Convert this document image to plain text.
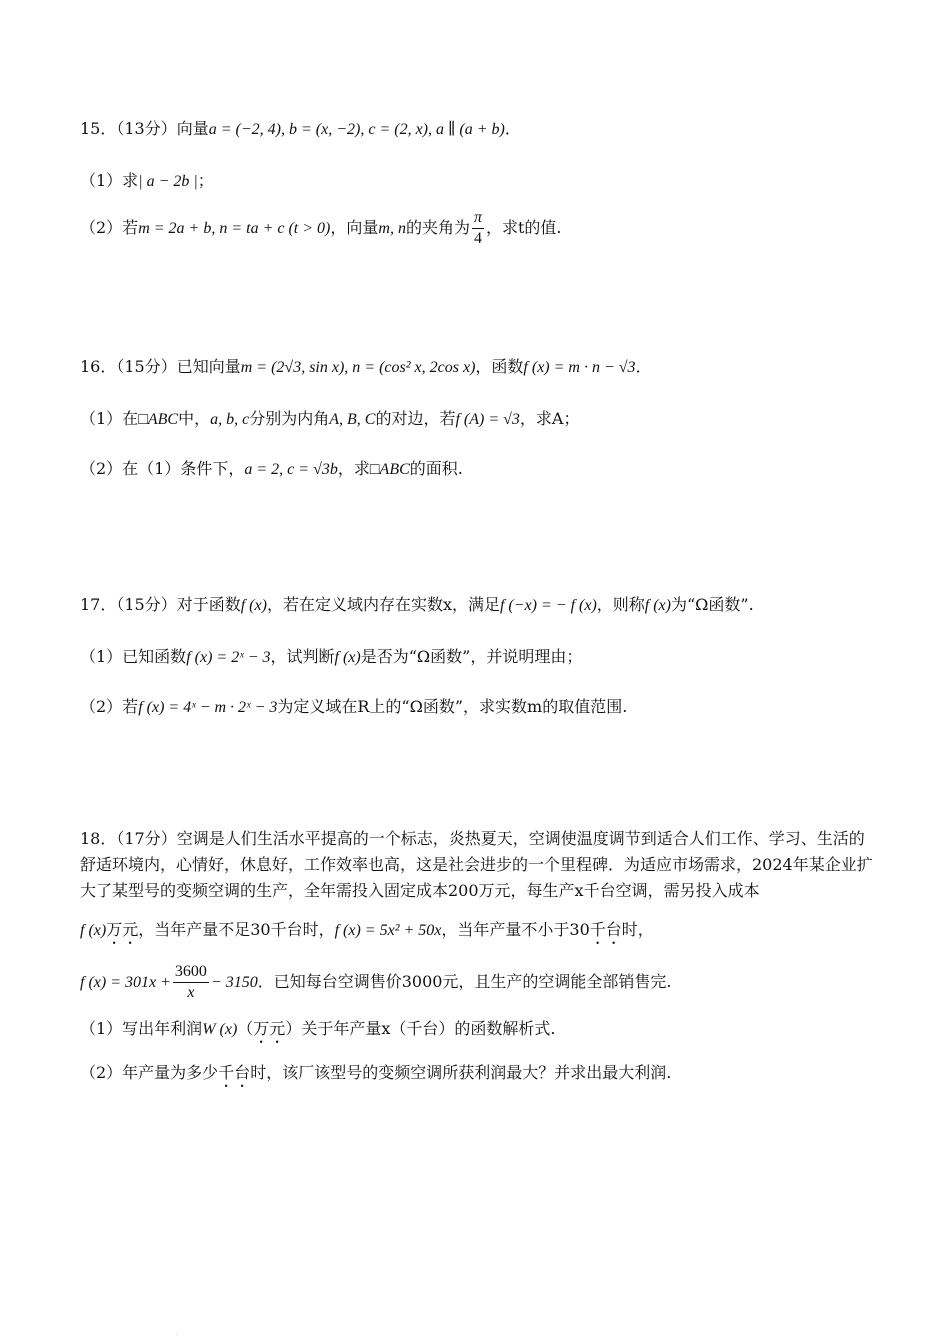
15．（13分）向量a = (−2, 4), b = (x, −2), c = (2, x), a ∥ (a + b)．
（1）求| a − 2b |；
（2）若m = 2a + b, n = ta + c (t > 0)，向量m, n的夹角为 $\frac{\pi}{4}$ ，求t的值.
16．（15分）已知向量m = (2√3, sin x), n = (cos² x, 2cos x)，函数f (x) = m · n − √3．
（1）在□ABC中，a, b, c分别为内角A, B, C的对边，若f (A) = √3，求A；
（2）在（1）条件下，a = 2, c = √3b，求□ABC的面积.
17．（15分）对于函数f (x)，若在定义域内存在实数x，满足f (−x) = − f (x)，则称f (x)为“Ω函数”.
（1）已知函数f (x) = 2ˣ − 3，试判断f (x)是否为“Ω函数”，并说明理由；
（2）若f (x) = 4ˣ − m · 2ˣ − 3为定义域在R上的“Ω函数”，求实数m的取值范围.
18．（17分）空调是人们生活水平提高的一个标志，炎热夏天，空调使温度调节到适合人们工作、学习、生活的舒适环境内，心情好，休息好，工作效率也高，这是社会进步的一个里程碑．为适应市场需求，2024年某企业扩大了某型号的变频空调的生产，全年需投入固定成本200万元，每生产x千台空调，需另投入成本
f (x)万元，当年产量不足30千台时，f (x) = 5x² + 50x，当年产量不小于30千台时，
f $(x) = 301x + \frac{3600}{x} - 3150$．已知每台空调售价3000元，且生产的空调能全部销售完.
（1）写出年利润W (x)（万元）关于年产量x（千台）的函数解析式.
（2）年产量为多少千台时，该厂该型号的变频空调所获利润最大？并求出最大利润.
.
